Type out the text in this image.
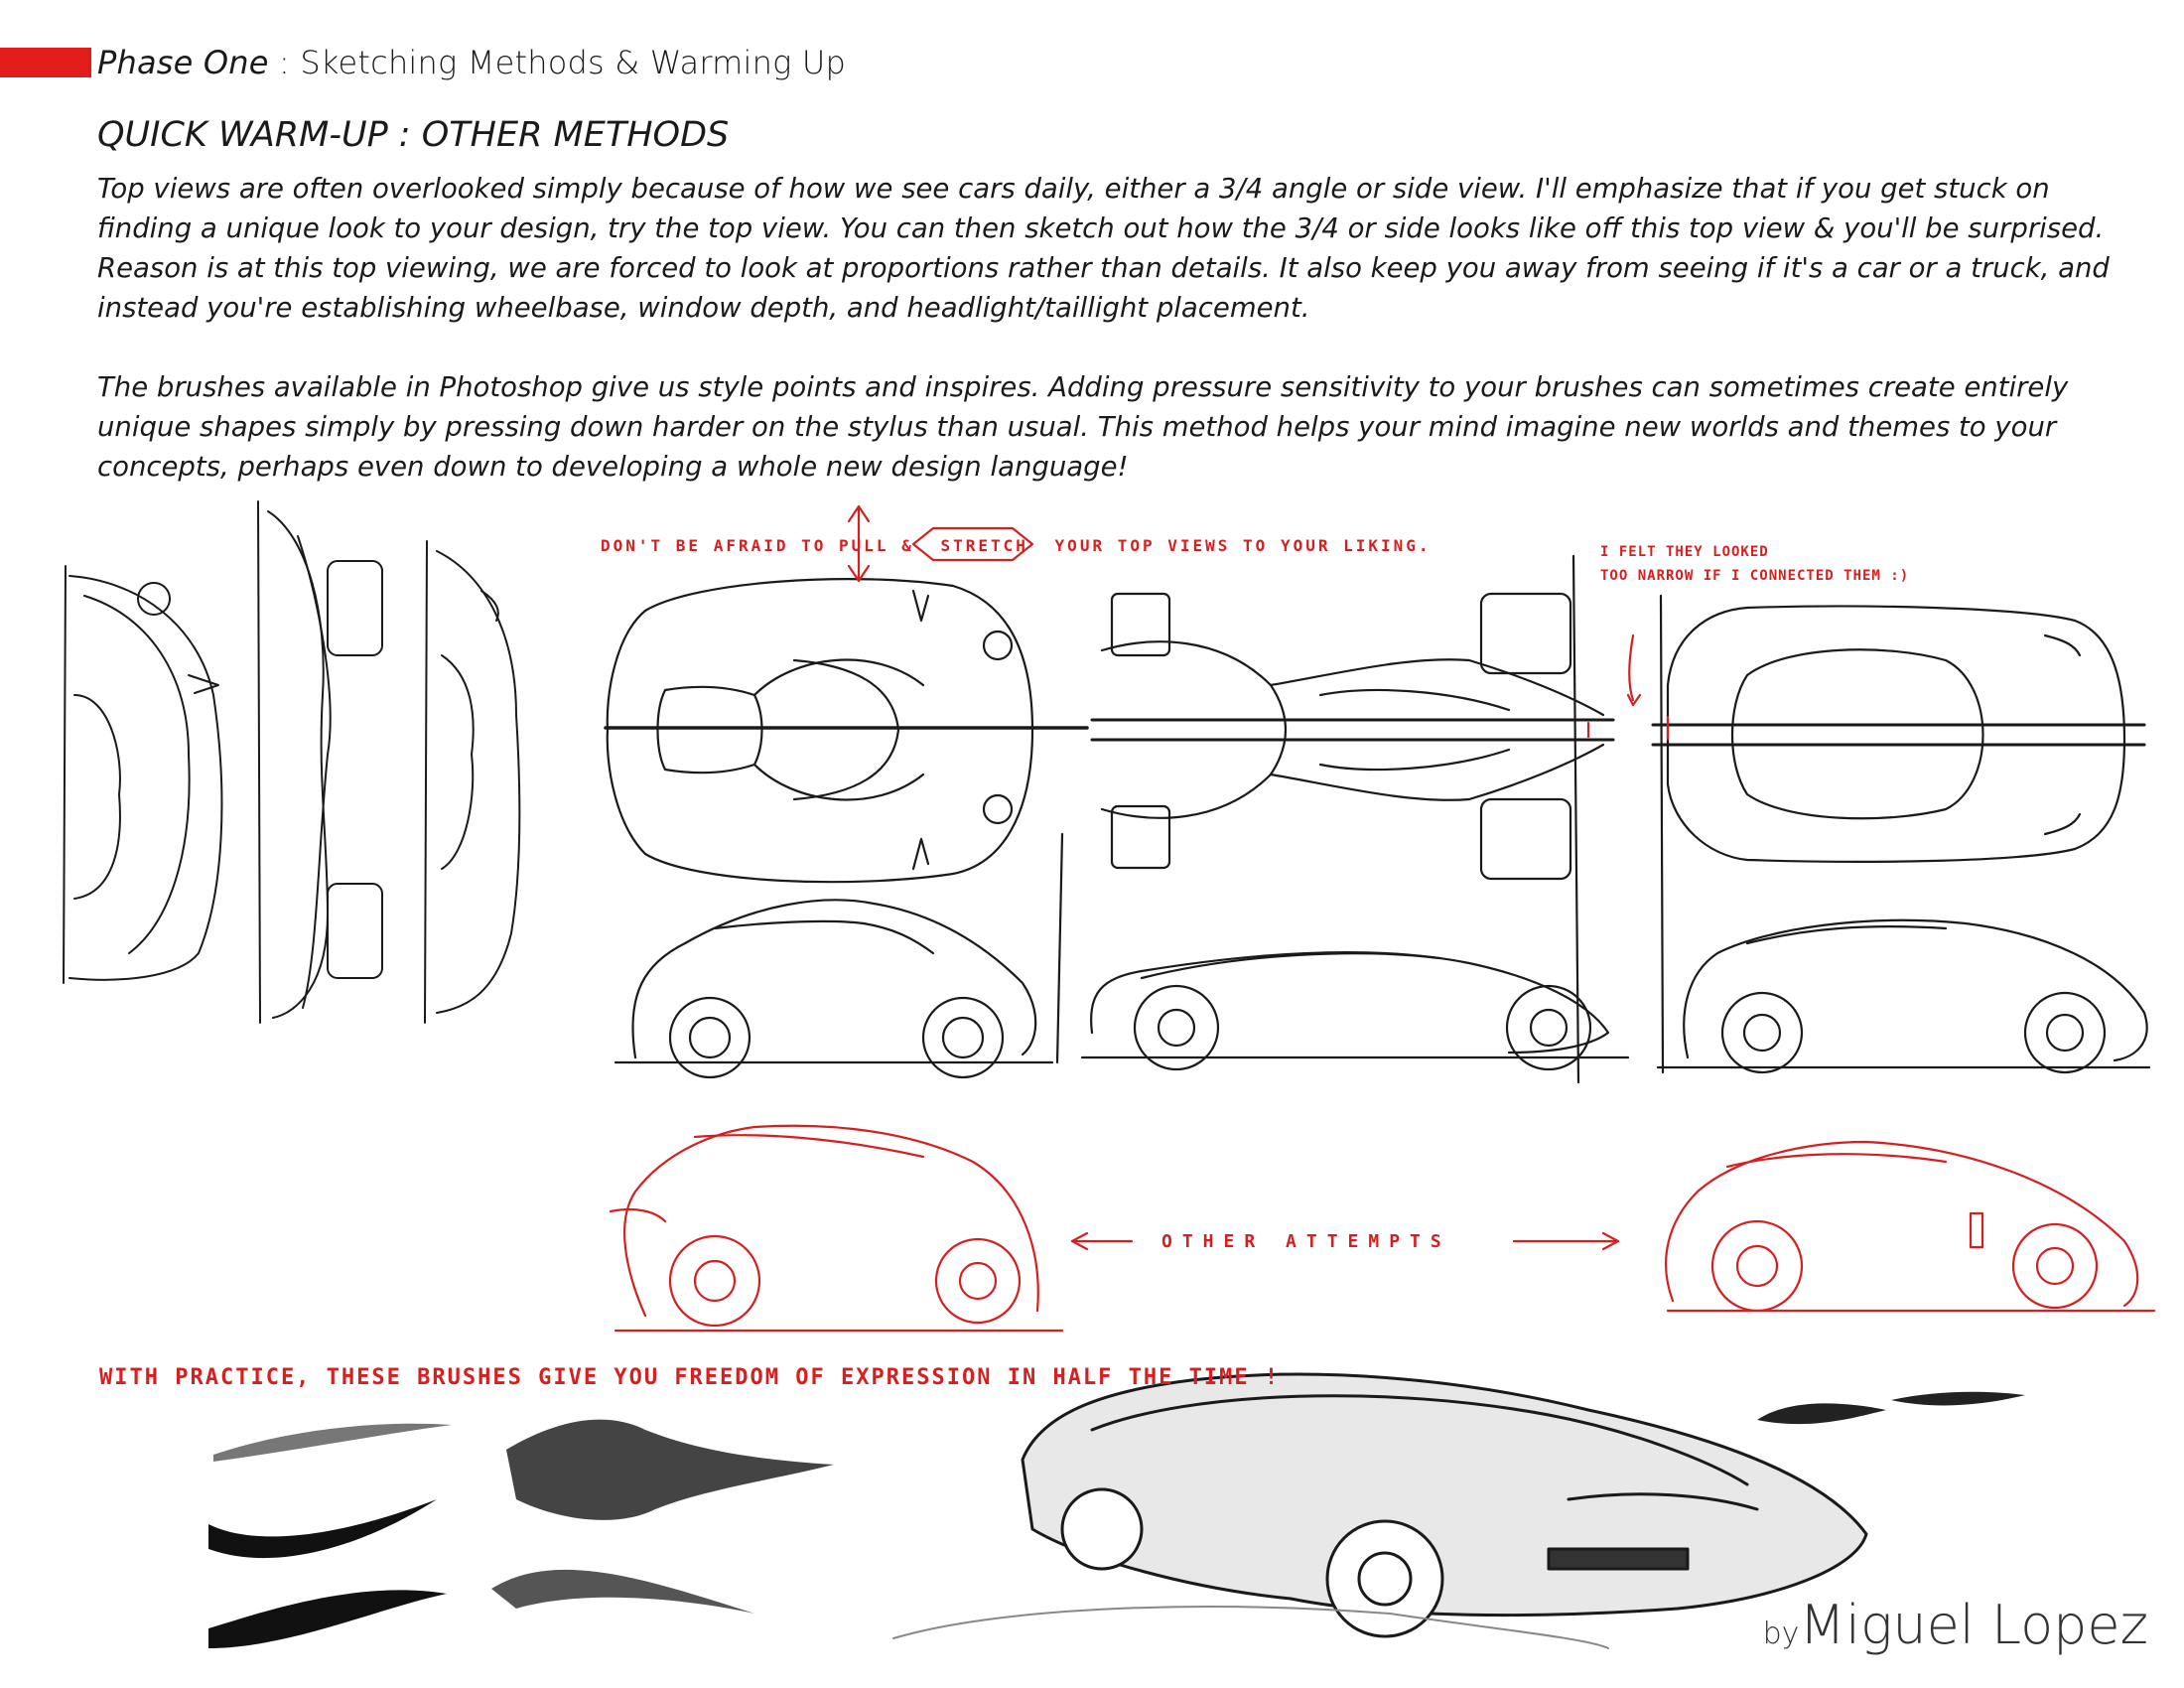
Phase One : Sketching Methods & Warming Up
QUICK WARM-UP : OTHER METHODS
Top views are often overlooked simply because of how we see cars daily, either a 3/4 angle or side view. I'll emphasize that if you get stuck on finding a unique look to your design, try the top view. You can then sketch out how the 3/4 or side looks like off this top view & you'll be surprised. Reason is at this top viewing, we are forced to look at proportions rather than details. It also keep you away from seeing if it's a car or a truck, and instead you're establishing wheelbase, window depth, and headlight/taillight placement.
The brushes available in Photoshop give us style points and inspires. Adding pressure sensitivity to your brushes can sometimes create entirely unique shapes simply by pressing down harder on the stylus than usual. This method helps your mind imagine new worlds and themes to your concepts, perhaps even down to developing a whole new design language!
DON'T BE AFRAID TO PULL & STRETCH YOUR TOP VIEWS TO YOUR LIKING.	I FELT THEY LOOKED
TOO NARROW IF I CONNECTED THEM :)
OTHER ATTEMPTS
WITH PRACTICE, THESE BRUSHES GIVE YOU FREEDOM OF EXPRESSION IN HALF THE TIME !
byMiguel Lopez
